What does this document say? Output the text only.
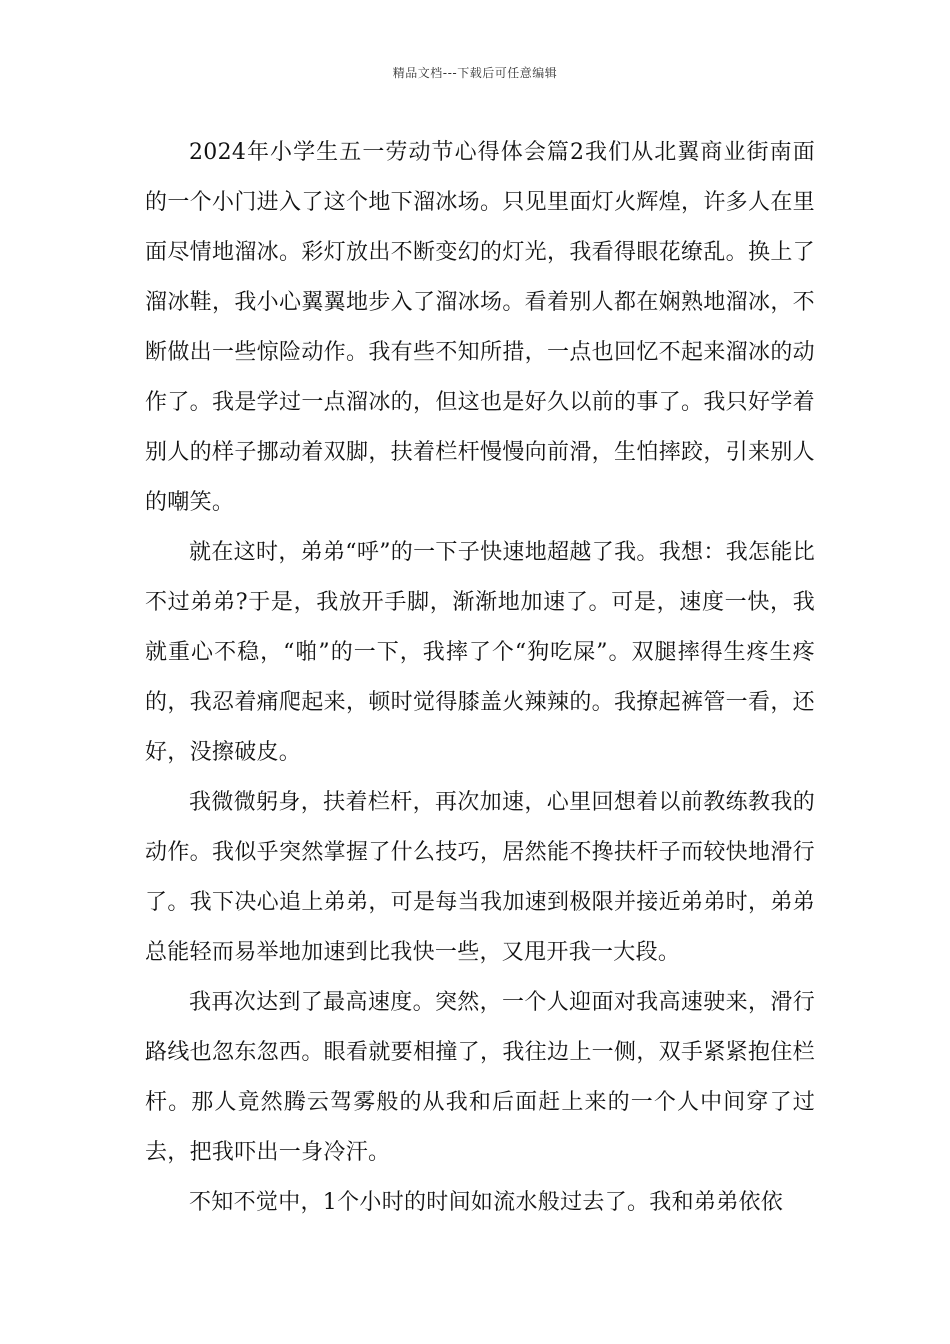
精品文档---下载后可任意编辑

2024年小学生五一劳动节心得体会篇2我们从北翼商业街南面的一个小门进入了这个地下溜冰场。只见里面灯火辉煌，许多人在里面尽情地溜冰。彩灯放出不断变幻的灯光，我看得眼花缭乱。换上了溜冰鞋，我小心翼翼地步入了溜冰场。看着别人都在娴熟地溜冰，不断做出一些惊险动作。我有些不知所措，一点也回忆不起来溜冰的动作了。我是学过一点溜冰的，但这也是好久以前的事了。我只好学着别人的样子挪动着双脚，扶着栏杆慢慢向前滑，生怕摔跤，引来别人的嘲笑。

就在这时，弟弟“呼”的一下子快速地超越了我。我想：我怎能比不过弟弟?于是，我放开手脚，渐渐地加速了。可是，速度一快，我就重心不稳，“啪”的一下，我摔了个“狗吃屎”。双腿摔得生疼生疼的，我忍着痛爬起来，顿时觉得膝盖火辣辣的。我撩起裤管一看，还好，没擦破皮。

我微微躬身，扶着栏杆，再次加速，心里回想着以前教练教我的动作。我似乎突然掌握了什么技巧，居然能不搀扶杆子而较快地滑行了。我下决心追上弟弟，可是每当我加速到极限并接近弟弟时，弟弟总能轻而易举地加速到比我快一些，又甩开我一大段。

我再次达到了最高速度。突然，一个人迎面对我高速驶来，滑行路线也忽东忽西。眼看就要相撞了，我往边上一侧，双手紧紧抱住栏杆。那人竟然腾云驾雾般的从我和后面赶上来的一个人中间穿了过去，把我吓出一身冷汗。

不知不觉中，1个小时的时间如流水般过去了。我和弟弟依依
